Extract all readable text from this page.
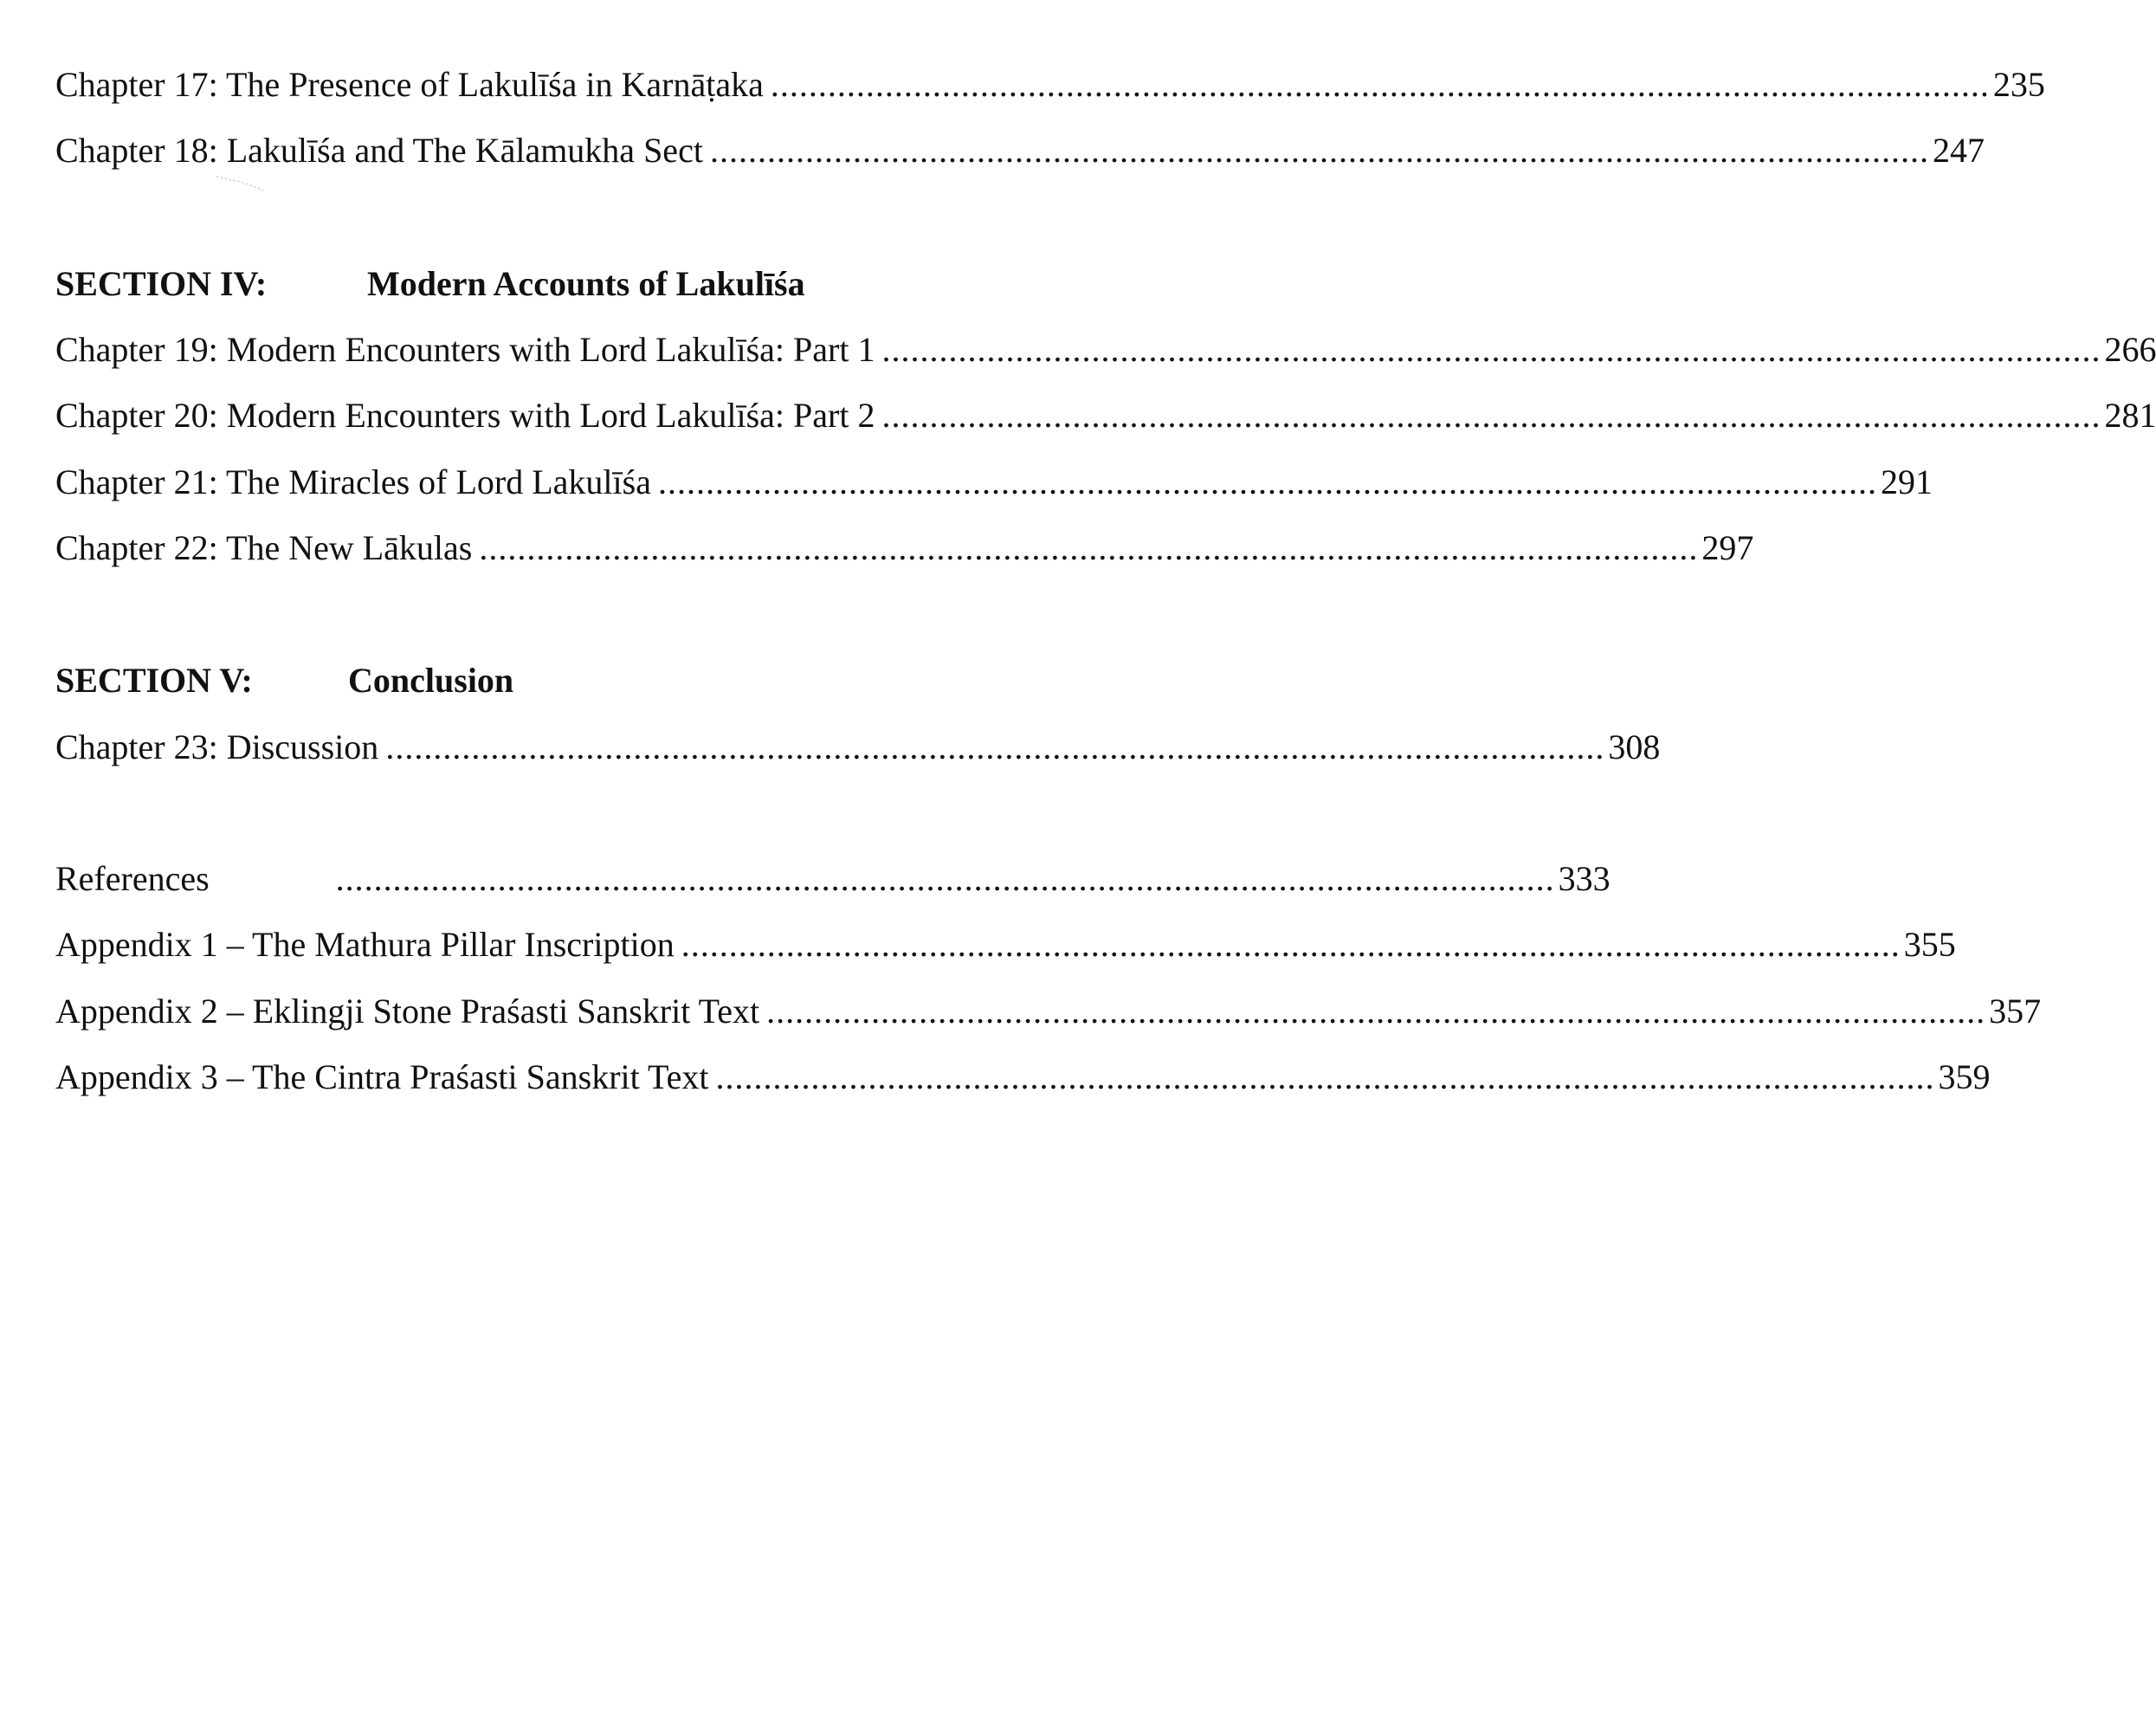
Chapter 17: The Presence of Lakulīśa in Karnāṭaka ................................................................................................................................ 235
Chapter 18: Lakulīśa and The Kālamukha Sect ................................................................................................................................ 247
SECTION IV:	Modern Accounts of Lakulīśa
Chapter 19: Modern Encounters with Lord Lakulīśa: Part 1 ................................................................................................................................ 266
Chapter 20: Modern Encounters with Lord Lakulīśa: Part 2 ................................................................................................................................ 281
Chapter 21: The Miracles of Lord Lakulīśa ................................................................................................................................ 291
Chapter 22: The New Lākulas ................................................................................................................................ 297
SECTION V:	Conclusion
Chapter 23: Discussion ................................................................................................................................ 308
References	................................................................................................................................ 333
Appendix 1 – The Mathura Pillar Inscription ................................................................................................................................ 355
Appendix 2 – Eklingji Stone Praśasti Sanskrit Text ................................................................................................................................ 357
Appendix 3 – The Cintra Praśasti Sanskrit Text ................................................................................................................................ 359
